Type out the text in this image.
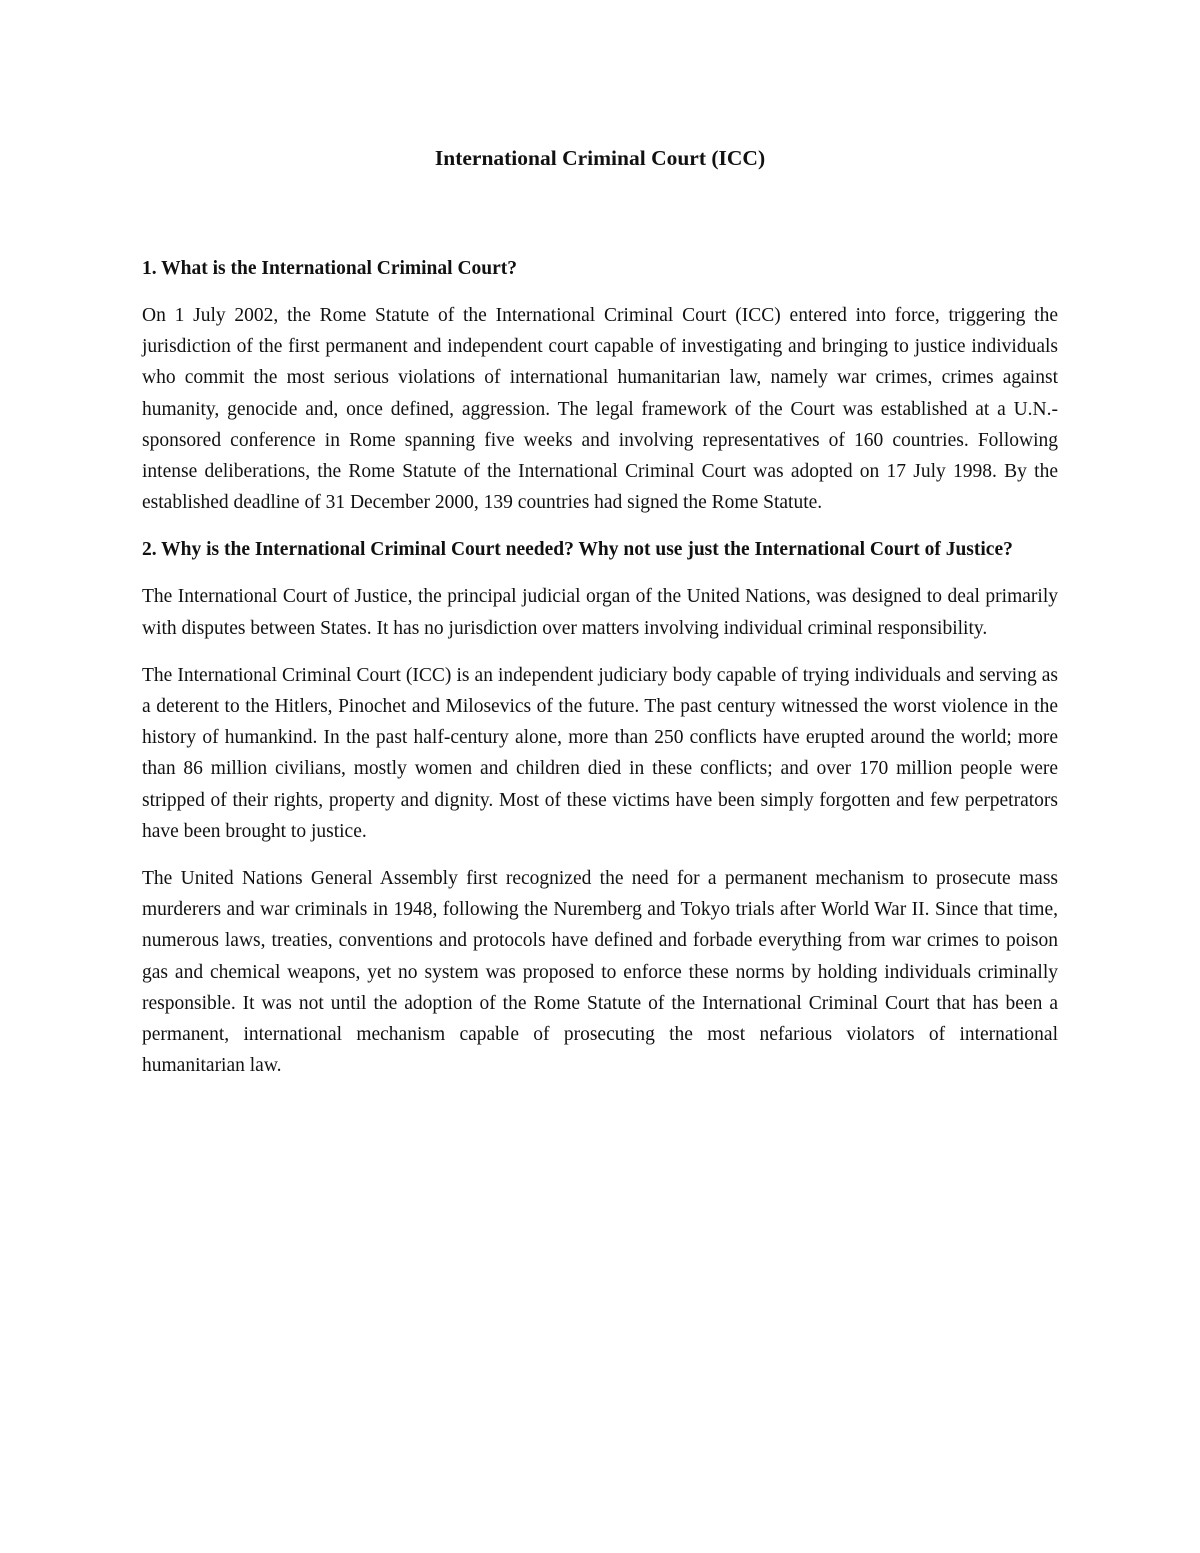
International Criminal Court (ICC)
1. What is the International Criminal Court?

On 1 July 2002, the Rome Statute of the International Criminal Court (ICC) entered into force, triggering the jurisdiction of the first permanent and independent court capable of investigating and bringing to justice individuals who commit the most serious violations of international humanitarian law, namely war crimes, crimes against humanity, genocide and, once defined, aggression. The legal framework of the Court was established at a U.N.-sponsored conference in Rome spanning five weeks and involving representatives of 160 countries. Following intense deliberations, the Rome Statute of the International Criminal Court was adopted on 17 July 1998. By the established deadline of 31 December 2000, 139 countries had signed the Rome Statute.

2. Why is the International Criminal Court needed? Why not use just the International Court of Justice?

The International Court of Justice, the principal judicial organ of the United Nations, was designed to deal primarily with disputes between States. It has no jurisdiction over matters involving individual criminal responsibility.

The International Criminal Court (ICC) is an independent judiciary body capable of trying individuals and serving as a deterent to the Hitlers, Pinochet and Milosevics of the future. The past century witnessed the worst violence in the history of humankind. In the past half-century alone, more than 250 conflicts have erupted around the world; more than 86 million civilians, mostly women and children died in these conflicts; and over 170 million people were stripped of their rights, property and dignity. Most of these victims have been simply forgotten and few perpetrators have been brought to justice.

The United Nations General Assembly first recognized the need for a permanent mechanism to prosecute mass murderers and war criminals in 1948, following the Nuremberg and Tokyo trials after World War II. Since that time, numerous laws, treaties, conventions and protocols have defined and forbade everything from war crimes to poison gas and chemical weapons, yet no system was proposed to enforce these norms by holding individuals criminally responsible. It was not until the adoption of the Rome Statute of the International Criminal Court that has been a permanent, international mechanism capable of prosecuting the most nefarious violators of international humanitarian law.
